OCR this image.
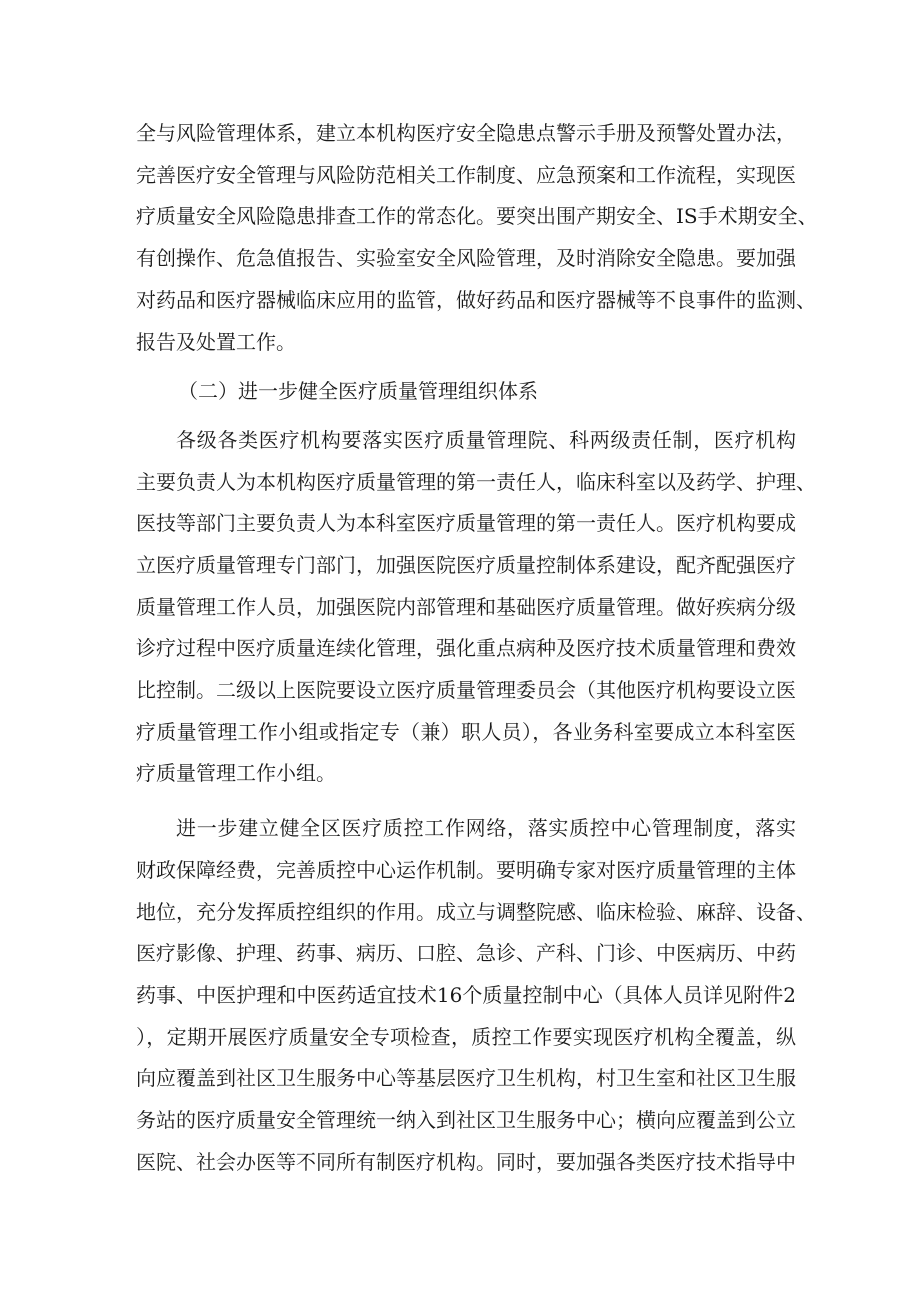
全与风险管理体系，建立本机构医疗安全隐患点警示手册及预警处置办法，
完善医疗安全管理与风险防范相关工作制度、应急预案和工作流程，实现医
疗质量安全风险隐患排查工作的常态化。要突出围产期安全、IS手术期安全、
有创操作、危急值报告、实验室安全风险管理，及时消除安全隐患。要加强
对药品和医疗器械临床应用的监管，做好药品和医疗器械等不良事件的监测、
报告及处置工作。
（二）进一步健全医疗质量管理组织体系
各级各类医疗机构要落实医疗质量管理院、科两级责任制，医疗机构
主要负责人为本机构医疗质量管理的第一责任人，临床科室以及药学、护理、
医技等部门主要负责人为本科室医疗质量管理的第一责任人。医疗机构要成
立医疗质量管理专门部门，加强医院医疗质量控制体系建设，配齐配强医疗
质量管理工作人员，加强医院内部管理和基础医疗质量管理。做好疾病分级
诊疗过程中医疗质量连续化管理，强化重点病种及医疗技术质量管理和费效
比控制。二级以上医院要设立医疗质量管理委员会（其他医疗机构要设立医
疗质量管理工作小组或指定专（兼）职人员），各业务科室要成立本科室医
疗质量管理工作小组。
进一步建立健全区医疗质控工作网络，落实质控中心管理制度，落实
财政保障经费，完善质控中心运作机制。要明确专家对医疗质量管理的主体
地位，充分发挥质控组织的作用。成立与调整院感、临床检验、麻辞、设备、
医疗影像、护理、药事、病历、口腔、急诊、产科、门诊、中医病历、中药
药事、中医护理和中医药适宜技术16个质量控制中心（具体人员详见附件2
），定期开展医疗质量安全专项检查，质控工作要实现医疗机构全覆盖，纵
向应覆盖到社区卫生服务中心等基层医疗卫生机构，村卫生室和社区卫生服
务站的医疗质量安全管理统一纳入到社区卫生服务中心；横向应覆盖到公立
医院、社会办医等不同所有制医疗机构。同时，要加强各类医疗技术指导中
